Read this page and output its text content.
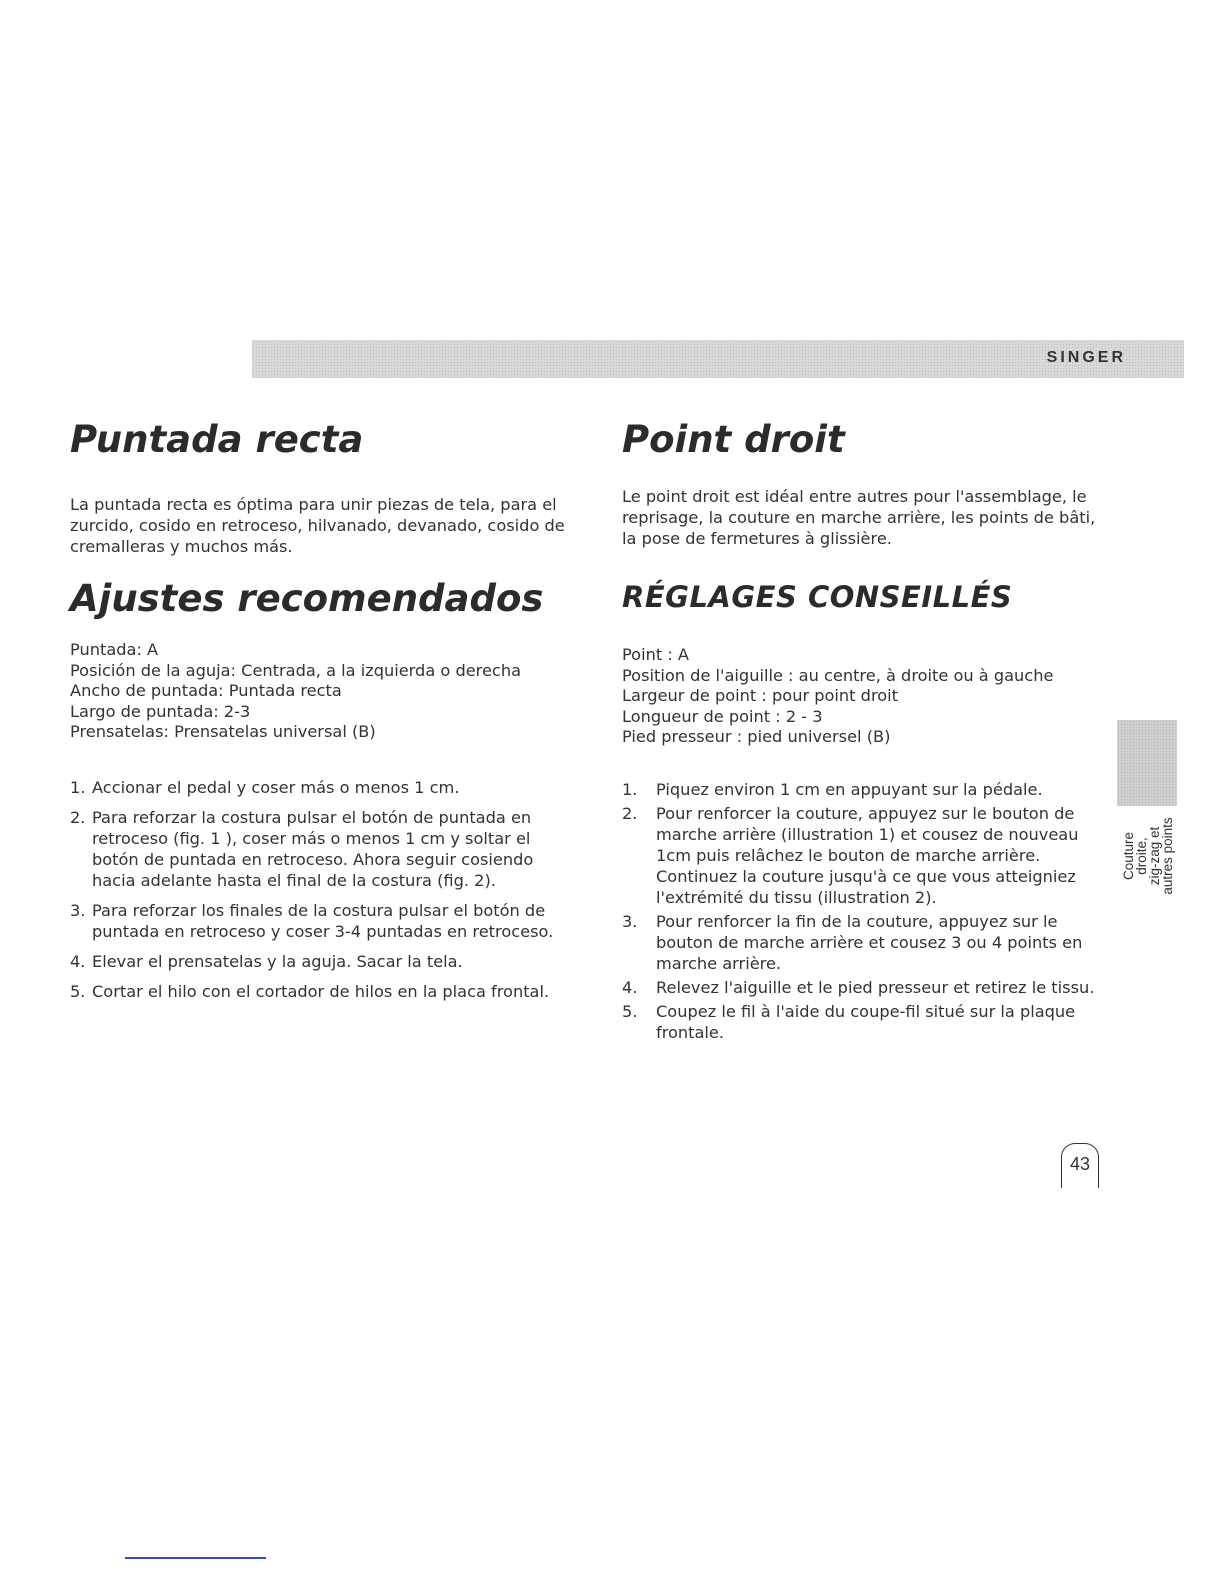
SINGER
Puntada recta

La puntada recta es óptima para unir piezas de tela, para el zurcido, cosido en retroceso, hilvanado, devanado, cosido de cremalleras y muchos más.

Ajustes recomendados
Puntada: A
Posición de la aguja: Centrada, a la izquierda o derecha
Ancho de puntada: Puntada recta
Largo de puntada: 2-3
Prensatelas: Prensatelas universal (B)
1. Accionar el pedal y coser más o menos 1 cm.
2. Para reforzar la costura pulsar el botón de puntada en retroceso (fig. 1 ), coser más o menos 1 cm y soltar el botón de puntada en retroceso. Ahora seguir cosiendo hacia adelante hasta el final de la costura (fig. 2).
3. Para reforzar los finales de la costura pulsar el botón de puntada en retroceso y coser 3-4 puntadas en retroceso.
4. Elevar el prensatelas y la aguja. Sacar la tela.
5. Cortar el hilo con el cortador de hilos en la placa frontal.
Point droit

Le point droit est idéal entre autres pour l'assemblage, le reprisage, la couture en marche arrière, les points de bâti, la pose de fermetures à glissière.

RÉGLAGES CONSEILLÉS
Point : A
Position de l'aiguille : au centre, à droite ou à gauche
Largeur de point : pour point droit
Longueur de point : 2 - 3
Pied presseur : pied universel (B)
1. Piquez environ 1 cm en appuyant sur la pédale.
2. Pour renforcer la couture, appuyez sur le bouton de marche arrière (illustration 1) et cousez de nouveau 1cm puis relâchez le bouton de marche arrière. Continuez la couture jusqu'à ce que vous atteigniez l'extrémité du tissu (illustration 2).
3. Pour renforcer la fin de la couture, appuyez sur le bouton de marche arrière et cousez 3 ou 4 points en marche arrière.
4. Relevez l'aiguille et le pied presseur et retirez le tissu.
5. Coupez le fil à l'aide du coupe-fil situé sur la plaque frontale.
Couture
droite,
zig-zag et
autres points
43
